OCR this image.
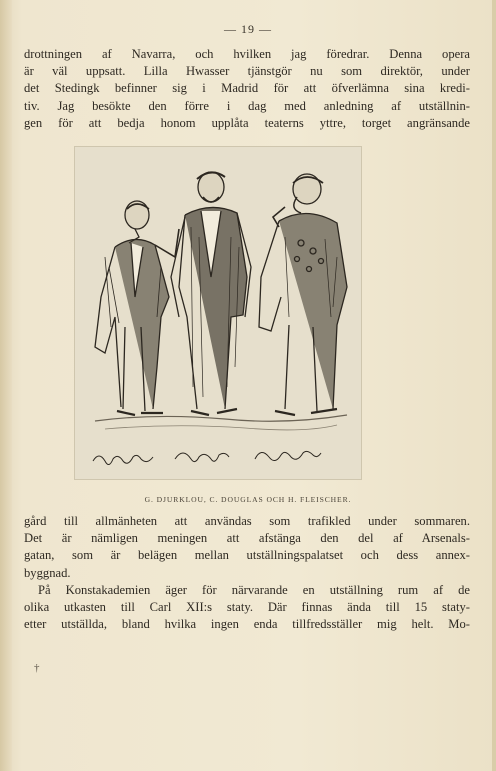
— 19 —
drottningen af Navarra, och hvilken jag föredrar. Denna opera
är väl uppsatt. Lilla Hwasser tjänstgör nu som direktör, under
det Stedingk befinner sig i Madrid för att öfverlämna sina kredi-
tiv. Jag besökte den förre i dag med anledning af utställnin-
gen för att bedja honom upplåta teaterns yttre, torget angränsande
G. DJURKLOU, C. DOUGLAS OCH H. FLEISCHER.
gård till allmänheten att användas som trafikled under sommaren.
Det är nämligen meningen att afstänga den del af Arsenals-
gatan, som är belägen mellan utställningspalatset och dess annex-
byggnad.
På Konstakademien äger för närvarande en utställning rum af de
olika utkasten till Carl XII:s staty. Där finnas ända till 15 staty-
etter utställda, bland hvilka ingen enda tillfredsställer mig helt. Mo-
†
